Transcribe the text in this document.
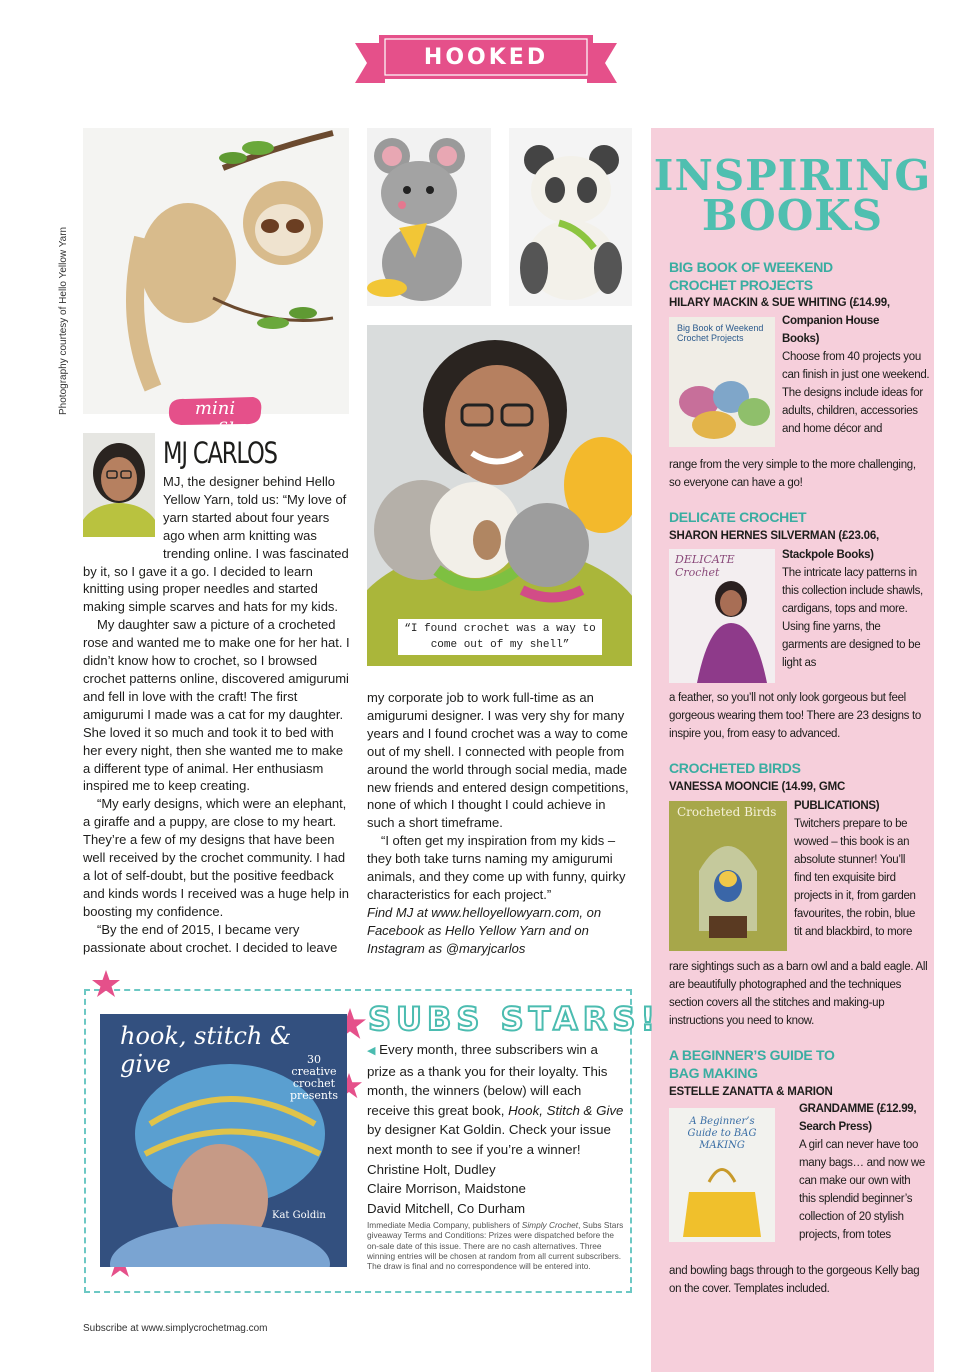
HOOKED
Photography courtesy of Hello Yellow Yarn	mini profile
“I found crochet was a way to come out of my shell”
MJ CARLOS

MJ, the designer behind Hello Yellow Yarn, told us: “My love of yarn started about four years ago when arm knitting was trending online. I was fascinated by it, so I gave it a go. I decided to learn knitting using proper needles and started making simple scarves and hats for my kids.

My daughter saw a picture of a crocheted rose and wanted me to make one for her hat. I didn’t know how to crochet, so I browsed crochet patterns online, discovered amigurumi and fell in love with the craft! The first amigurumi I made was a cat for my daughter. She loved it so much and took it to bed with her every night, then she wanted me to make a different type of animal. Her enthusiasm inspired me to keep creating.

“My early designs, which were an elephant, a giraffe and a puppy, are close to my heart. They’re a few of my designs that have been well received by the crochet community. I had a lot of self-doubt, but the positive feedback and kinds words I received was a huge help in boosting my confidence.

“By the end of 2015, I became very passionate about crochet. I decided to leave

my corporate job to work full-time as an amigurumi designer. I was very shy for many years and I found crochet was a way to come out of my shell. I connected with people from around the world through social media, made new friends and entered design competitions, none of which I thought I could achieve in such a short timeframe.

“I often get my inspiration from my kids – they both take turns naming my amigurumi animals, and they come up with funny, quirky characteristics for each project.”

Find MJ at www.helloyellowyarn.com, on Facebook as Hello Yellow Yarn and on Instagram as @maryjcarlos

INSPIRING
BOOKS
BIG BOOK OF WEEKEND CROCHET PROJECTS
HILARY MACKIN & SUE WHITING (£14.99,
Big Book of Weekend Crochet Projects
Companion House Books)
Choose from 40 projects you can finish in just one weekend. The designs include ideas for adults, children, accessories and home décor and
range from the very simple to the more challenging, so everyone can have a go!
DELICATE CROCHET
SHARON HERNES SILVERMAN (£23.06,
DELICATE Crochet
Stackpole Books)
The intricate lacy patterns in this collection include shawls, cardigans, tops and more. Using fine yarns, the garments are designed to be light as
a feather, so you’ll not only look gorgeous but feel gorgeous wearing them too! There are 23 designs to inspire you, from easy to advanced.
CROCHETED BIRDS
VANESSA MOONCIE (14.99, GMC
Crocheted Birds	PUBLICATIONS)
Twitchers prepare to be wowed – this book is an absolute stunner! You’ll find ten exquisite bird projects in it, from garden favourites, the robin, blue tit and blackbird, to more
rare sightings such as a barn owl and a bald eagle. All are beautifully photographed and the techniques section covers all the stitches and making-up instructions you need to know.
A BEGINNER’S GUIDE TO BAG MAKING
ESTELLE ZANATTA & MARION
A Beginner’s Guide to BAG MAKING
GRANDAMME (£12.99, Search Press)
A girl can never have too many bags… and now we can make our own with this splendid beginner’s collection of 20 stylish projects, from totes
and bowling bags through to the gorgeous Kelly bag on the cover. Templates included.
hook, stitch & give	30 creative crochet presents
Kat Goldin
SUBS STARS!
◀ Every month, three subscribers win a prize as a thank you for their loyalty. This month, the winners (below) will each receive this great book, Hook, Stitch & Give by designer Kat Goldin. Check your issue next month to see if you’re a winner!
Christine Holt, Dudley
Claire Morrison, Maidstone
David Mitchell, Co Durham
Immediate Media Company, publishers of Simply Crochet, Subs Stars giveaway Terms and Conditions: Prizes were dispatched before the on-sale date of this issue. There are no cash alternatives. Three winning entries will be chosen at random from all current subscribers. The draw is final and no correspondence will be entered into.
Subscribe at www.simplycrochetmag.com
